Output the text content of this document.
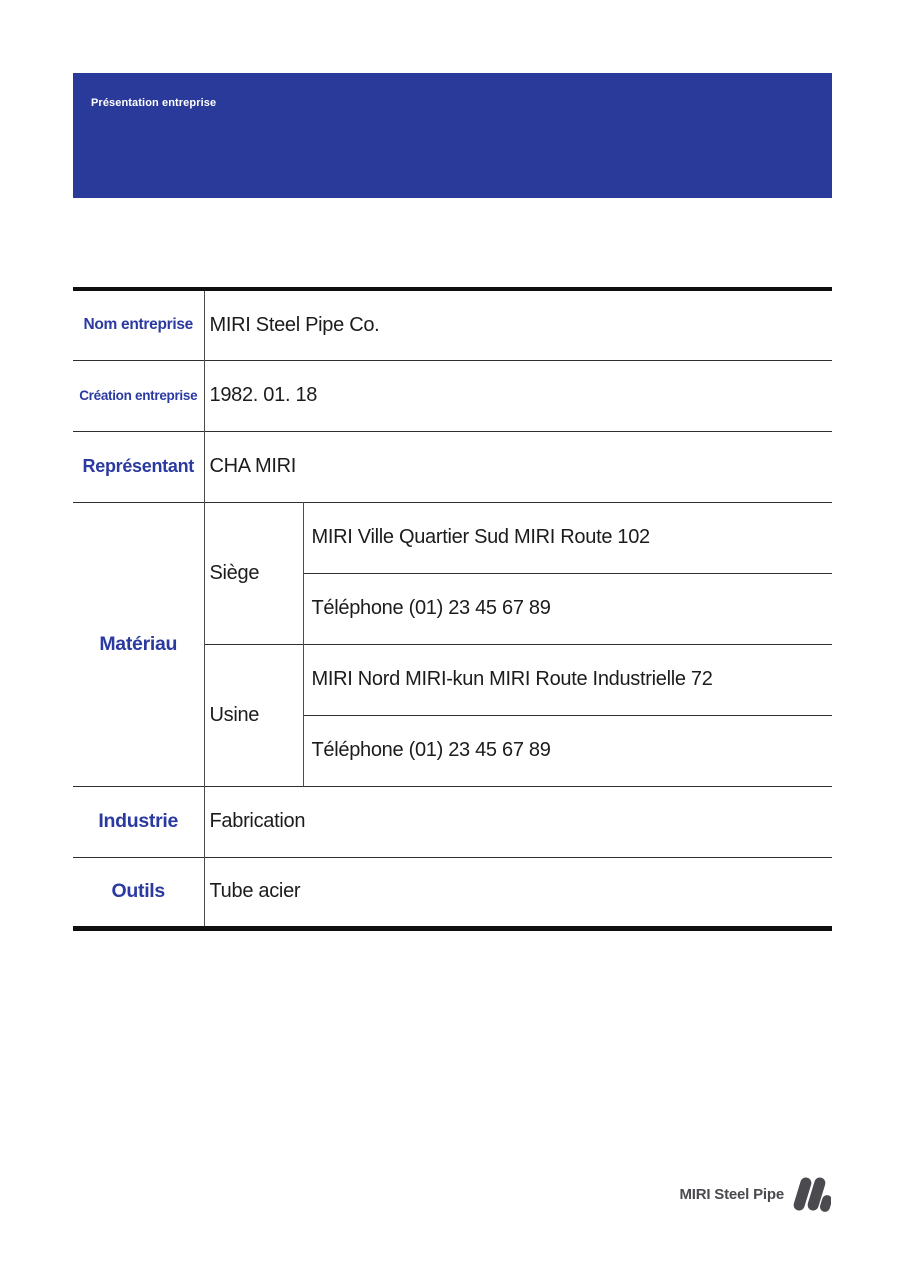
Présentation entreprise
Nom entreprise	MIRI Steel Pipe Co.	
Création entreprise	1982. 01. 18	
Représentant	CHA MIRI	
Matériau	Siège	MIRI Ville Quartier Sud MIRI Route 102
		Téléphone (01) 23 45 67 89
	Usine	MIRI Nord MIRI-kun MIRI Route Industrielle 72
		Téléphone (01) 23 45 67 89
Industrie	Fabrication	
Outils	Tube acier	
MIRI Steel Pipe
